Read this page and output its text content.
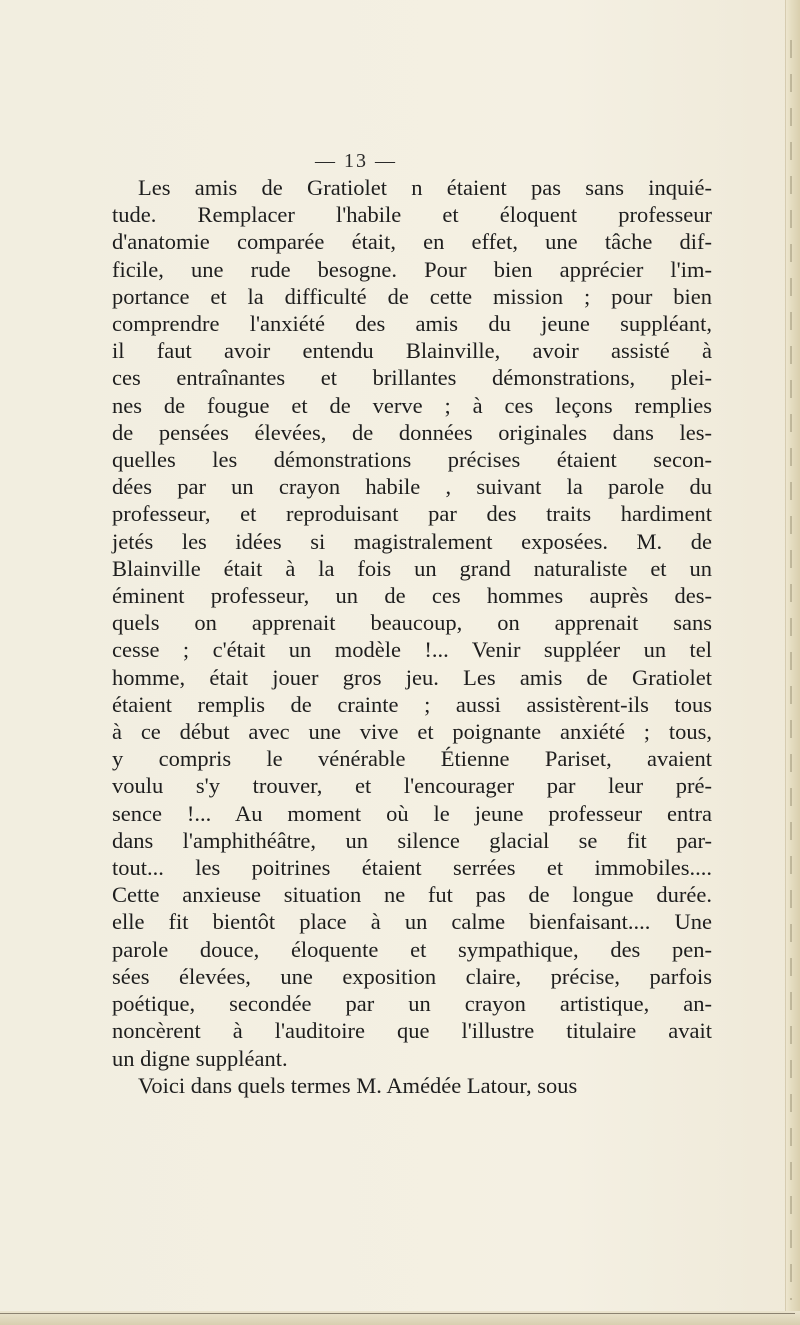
— 13 —
Les amis de Gratiolet n étaient pas sans inquié-
tude. Remplacer l'habile et éloquent professeur
d'anatomie comparée était, en effet, une tâche dif-
ficile, une rude besogne. Pour bien apprécier l'im-
portance et la difficulté de cette mission ; pour bien
comprendre l'anxiété des amis du jeune suppléant,
il faut avoir entendu Blainville, avoir assisté à
ces entraînantes et brillantes démonstrations, plei-
nes de fougue et de verve ; à ces leçons remplies
de pensées élevées, de données originales dans les-
quelles les démonstrations précises étaient secon-
dées par un crayon habile , suivant la parole du
professeur, et reproduisant par des traits hardiment
jetés les idées si magistralement exposées. M. de
Blainville était à la fois un grand naturaliste et un
éminent professeur, un de ces hommes auprès des-
quels on apprenait beaucoup, on apprenait sans
cesse ; c'était un modèle !... Venir suppléer un tel
homme, était jouer gros jeu. Les amis de Gratiolet
étaient remplis de crainte ; aussi assistèrent-ils tous
à ce début avec une vive et poignante anxiété ; tous,
y compris le vénérable Étienne Pariset, avaient
voulu s'y trouver, et l'encourager par leur pré-
sence !... Au moment où le jeune professeur entra
dans l'amphithéâtre, un silence glacial se fit par-
tout... les poitrines étaient serrées et immobiles....
Cette anxieuse situation ne fut pas de longue durée.
elle fit bientôt place à un calme bienfaisant.... Une
parole douce, éloquente et sympathique, des pen-
sées élevées, une exposition claire, précise, parfois
poétique, secondée par un crayon artistique, an-
noncèrent à l'auditoire que l'illustre titulaire avait
un digne suppléant.
Voici dans quels termes M. Amédée Latour, sous
